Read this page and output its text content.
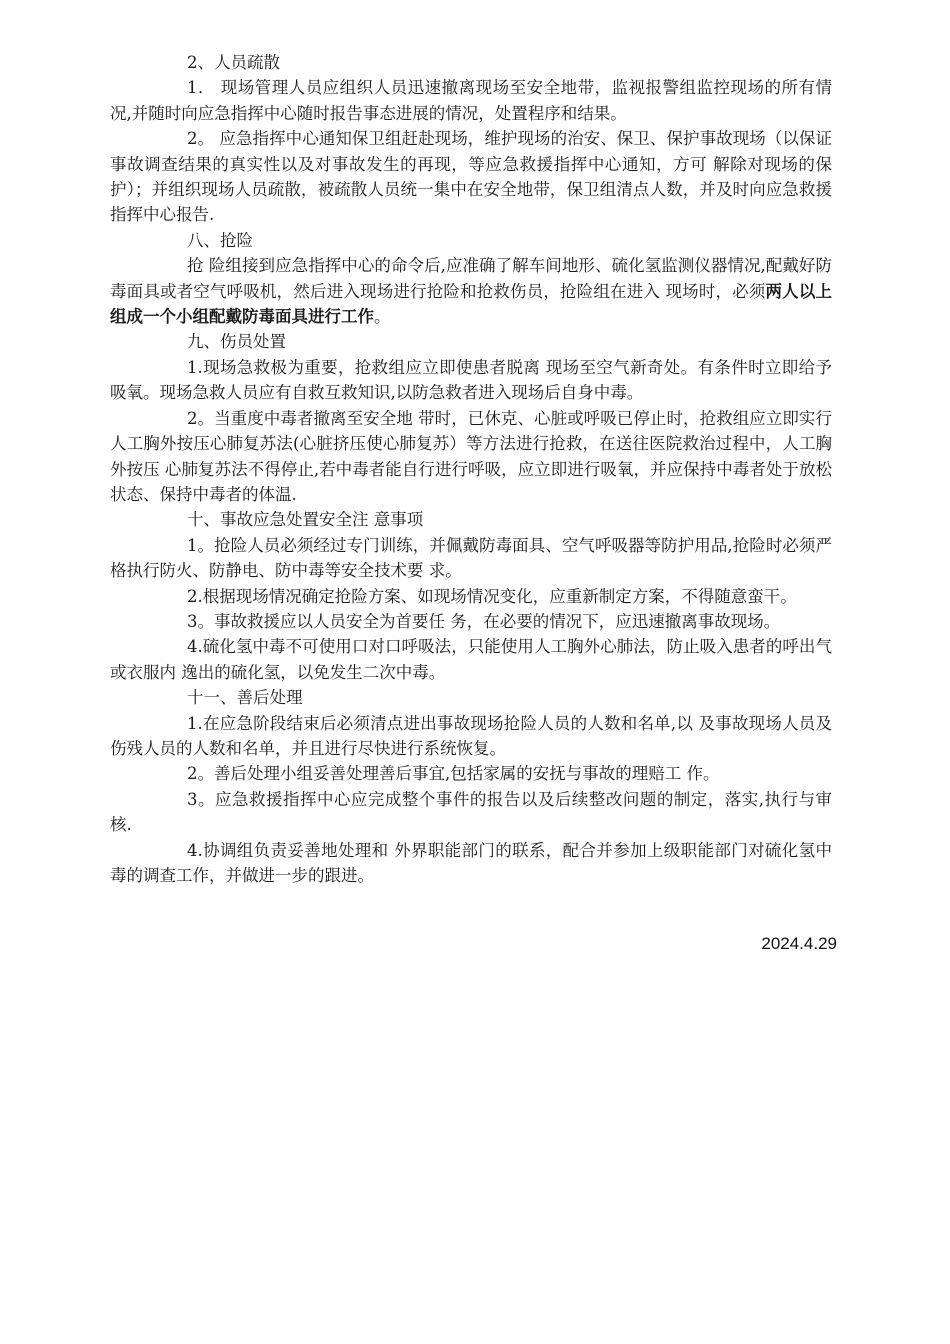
2、人员疏散

1． 现场管理人员应组织人员迅速撤离现场至安全地带，监视报警组监控现场的所有情况,并随时向应急指挥中心随时报告事态进展的情况，处置程序和结果。

2。 应急指挥中心通知保卫组赶赴现场，维护现场的治安、保卫、保护事故现场（以保证事故调查结果的真实性以及对事故发生的再现，等应急救援指挥中心通知，方可 解除对现场的保护）；并组织现场人员疏散，被疏散人员统一集中在安全地带，保卫组清点人数，并及时向应急救援指挥中心报告.

八、抢险

抢 险组接到应急指挥中心的命令后,应准确了解车间地形、硫化氢监测仪器情况,配戴好防毒面具或者空气呼吸机，然后进入现场进行抢险和抢救伤员，抢险组在进入 现场时，必须两人以上组成一个小组配戴防毒面具进行工作。

九、伤员处置

1.现场急救极为重要，抢救组应立即使患者脱离 现场至空气新奇处。有条件时立即给予吸氧。现场急救人员应有自救互救知识,以防急救者进入现场后自身中毒。

2。当重度中毒者撤离至安全地 带时，已休克、心脏或呼吸已停止时，抢救组应立即实行人工胸外按压心肺复苏法(心脏挤压使心肺复苏）等方法进行抢救，在送往医院救治过程中，人工胸外按压 心肺复苏法不得停止,若中毒者能自行进行呼吸，应立即进行吸氧，并应保持中毒者处于放松状态、保持中毒者的体温.

十、事故应急处置安全注 意事项

1。抢险人员必须经过专门训练，并佩戴防毒面具、空气呼吸器等防护用品,抢险时必须严格执行防火、防静电、防中毒等安全技术要 求。

2.根据现场情况确定抢险方案、如现场情况变化，应重新制定方案，不得随意蛮干。

3。事故救援应以人员安全为首要任 务，在必要的情况下，应迅速撤离事故现场。

4.硫化氢中毒不可使用口对口呼吸法，只能使用人工胸外心肺法，防止吸入患者的呼出气或衣服内 逸出的硫化氢，以免发生二次中毒。

十一、善后处理

1.在应急阶段结束后必须清点进出事故现场抢险人员的人数和名单,以 及事故现场人员及伤残人员的人数和名单，并且进行尽快进行系统恢复。

2。善后处理小组妥善处理善后事宜,包括家属的安抚与事故的理赔工 作。

3。应急救援指挥中心应完成整个事件的报告以及后续整改问题的制定，落实,执行与审核.

4.协调组负责妥善地处理和 外界职能部门的联系，配合并参加上级职能部门对硫化氢中毒的调查工作，并做进一步的跟进。

2024.4.29
